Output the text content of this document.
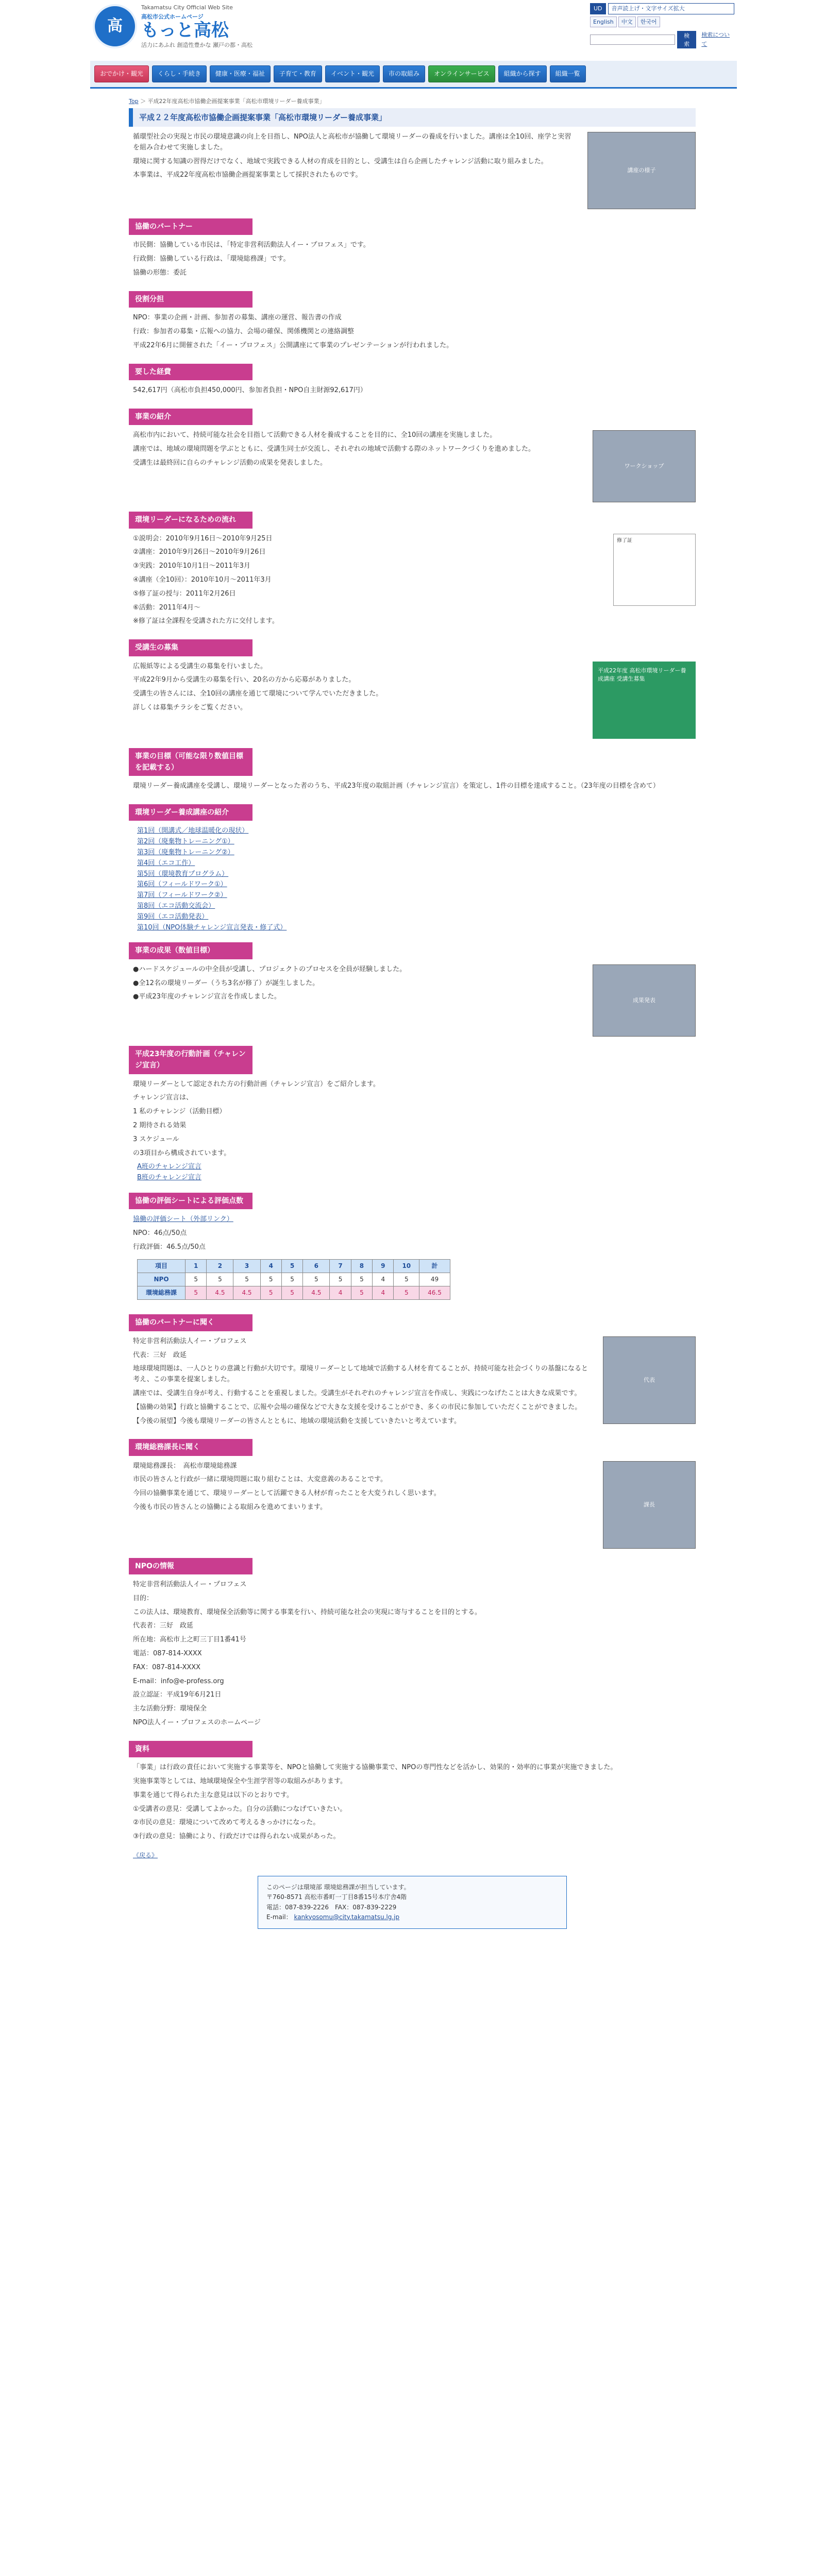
高
Takamatsu City Official Web Site
高松市公式ホームページ
もっと高松
活力にあふれ 創造性豊かな 瀬戸の都・高松
UD	音声読上げ・文字サイズ拡大
English	中文	한국어
検索
検索について
おでかけ・観光	くらし・手続き	健康・医療・福祉	子育て・教育	イベント・観光	市の取組み	オンラインサービス	組織から探す	組織一覧
Top ＞ 平成22年度高松市協働企画提案事業「高松市環境リーダー養成事業」
平成２２年度高松市協働企画提案事業「高松市環境リーダー養成事業」

循環型社会の実現と市民の環境意識の向上を目指し、NPO法人と高松市が協働して環境リーダーの養成を行いました。講座は全10回、座学と実習を組み合わせて実施しました。

環境に関する知識の習得だけでなく、地域で実践できる人材の育成を目的とし、受講生は自ら企画したチャレンジ活動に取り組みました。

本事業は、平成22年度高松市協働企画提案事業として採択されたものです。

講座の様子
協働のパートナー

市民側：協働している市民は、「特定非営利活動法人イー・プロフェス」です。

行政側：協働している行政は、「環境総務課」です。

協働の形態：委託

役割分担

NPO：事業の企画・計画、参加者の募集、講座の運営、報告書の作成

行政：参加者の募集・広報への協力、会場の確保、関係機関との連絡調整

平成22年6月に開催された「イー・プロフェス」公開講座にて事業のプレゼンテーションが行われました。

要した経費

542,617円（高松市負担450,000円、参加者負担・NPO自主財源92,617円）

事業の紹介

高松市内において、持続可能な社会を目指して活動できる人材を養成することを目的に、全10回の講座を実施しました。

講座では、地域の環境問題を学ぶとともに、受講生同士が交流し、それぞれの地域で活動する際のネットワークづくりを進めました。

受講生は最終回に自らのチャレンジ活動の成果を発表しました。	ワークショップ
環境リーダーになるための流れ

①説明会：2010年9月16日〜2010年9月25日

②講座：2010年9月26日〜2010年9月26日

③実践：2010年10月1日〜2011年3月

④講座（全10回）：2010年10月〜2011年3月

⑤修了証の授与：2011年2月26日

⑥活動：2011年4月〜

※修了証は全課程を受講された方に交付します。

修了証
受講生の募集

広報紙等による受講生の募集を行いました。

平成22年9月から受講生の募集を行い、20名の方から応募がありました。

受講生の皆さんには、全10回の講座を通じて環境について学んでいただきました。

詳しくは募集チラシをご覧ください。

平成22年度 高松市環境リーダー養成講座 受講生募集
事業の目標（可能な限り数値目標を記載する）

環境リーダー養成講座を受講し、環境リーダーとなった者のうち、平成23年度の取組計画（チャレンジ宣言）を策定し、1件の目標を達成すること。（23年度の目標を含めて）

環境リーダー養成講座の紹介
第1回（開講式／地球温暖化の現状）
第2回（廃棄物トレーニング①）
第3回（廃棄物トレーニング②）
第4回（エコ工作）
第5回（環境教育プログラム）
第6回（フィールドワーク①）
第7回（フィールドワーク②）
第8回（エコ活動交流会）
第9回（エコ活動発表）
第10回（NPO体験チャレンジ宣言発表・修了式）
事業の成果（数値目標）

●ハードスケジュールの中全員が受講し、プロジェクトのプロセスを全員が経験しました。

●全12名の環境リーダー（うち3名が修了）が誕生しました。

●平成23年度のチャレンジ宣言を作成しました。	成果発表
平成23年度の行動計画（チャレンジ宣言）

環境リーダーとして認定された方の行動計画（チャレンジ宣言）をご紹介します。

チャレンジ宣言は、

1 私のチャレンジ（活動目標）

2 期待される効果

3 スケジュール

の3項目から構成されています。

A班のチャレンジ宣言
B班のチャレンジ宣言
協働の評価シートによる評価点数

協働の評価シート（外部リンク）

NPO：46点/50点

行政評価：46.5点/50点

項目	1	2	3	4	5	6	7	8	9	10	計
NPO	5	5	5	5	5	5	5	5	4	5	49
環境総務課	5	4.5	4.5	5	5	4.5	4	5	4	5	46.5
協働のパートナーに聞く

特定非営利活動法人イー・プロフェス

代表：三好　政延

地球環境問題は、一人ひとりの意識と行動が大切です。環境リーダーとして地域で活動する人材を育てることが、持続可能な社会づくりの基盤になると考え、この事業を提案しました。

講座では、受講生自身が考え、行動することを重視しました。受講生がそれぞれのチャレンジ宣言を作成し、実践につなげたことは大きな成果です。

【協働の効果】行政と協働することで、広報や会場の確保などで大きな支援を受けることができ、多くの市民に参加していただくことができました。

【今後の展望】今後も環境リーダーの皆さんとともに、地域の環境活動を支援していきたいと考えています。

代表
環境総務課長に聞く

環境総務課長：　高松市環境総務課

市民の皆さんと行政が一緒に環境問題に取り組むことは、大変意義のあることです。

今回の協働事業を通じて、環境リーダーとして活躍できる人材が育ったことを大変うれしく思います。

今後も市民の皆さんとの協働による取組みを進めてまいります。	課長
NPOの情報

特定非営利活動法人イー・プロフェス

目的：

この法人は、環境教育、環境保全活動等に関する事業を行い、持続可能な社会の実現に寄与することを目的とする。

代表者：三好　政延

所在地：高松市上之町三丁目1番41号

電話：087-814-XXXX

FAX：087-814-XXXX

E-mail：info@e-profess.org

設立認証：平成19年6月21日

主な活動分野：環境保全

NPO法人イー・プロフェスのホームページ

資料

「事業」は行政の責任において実施する事業等を、NPOと協働して実施する協働事業で、NPOの専門性などを活かし、効果的・効率的に事業が実施できました。

実施事業等としては、地域環境保全や生涯学習等の取組みがあります。

事業を通じて得られた主な意見は以下のとおりです。

①受講者の意見：受講してよかった。自分の活動につなげていきたい。

②市民の意見：環境について改めて考えるきっかけになった。

③行政の意見：協働により、行政だけでは得られない成果があった。

《戻る》
このページは環境部 環境総務課が担当しています。
〒760-8571 高松市番町一丁目8番15号本庁舎4階
電話：087-839-2226　FAX：087-839-2229
E-mail： kankyosomu@city.takamatsu.lg.jp
